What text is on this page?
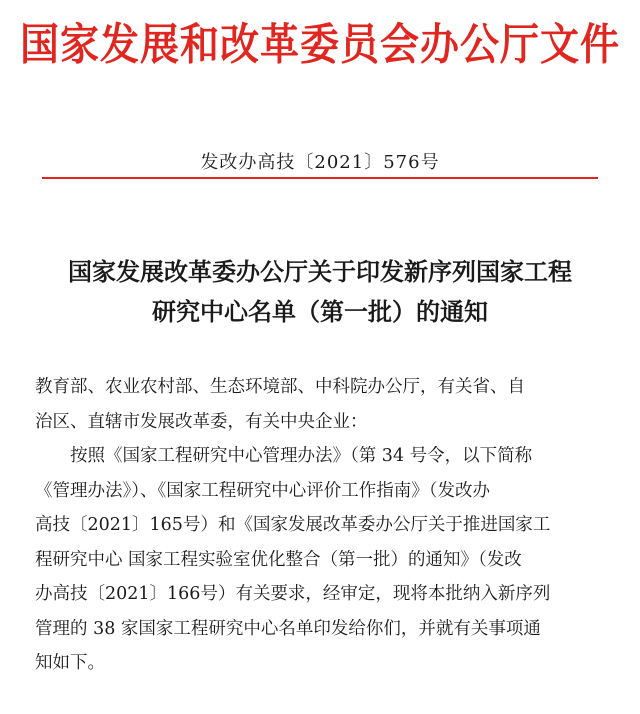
国家发展和改革委员会办公厅文件
发改办高技〔2021〕576号
国家发展改革委办公厅关于印发新序列国家工程
研究中心名单（第一批）的通知
教育部、农业农村部、生态环境部、中科院办公厅，有关省、自
治区、直辖市发展改革委，有关中央企业：
按照《国家工程研究中心管理办法》（第 34 号令，以下简称
《管理办法》）、《国家工程研究中心评价工作指南》（发改办
高技〔2021〕165号）和《国家发展改革委办公厅关于推进国家工
程研究中心 国家工程实验室优化整合（第一批）的通知》（发改
办高技〔2021〕166号）有关要求，经审定，现将本批纳入新序列
管理的 38 家国家工程研究中心名单印发给你们，并就有关事项通
知如下。
